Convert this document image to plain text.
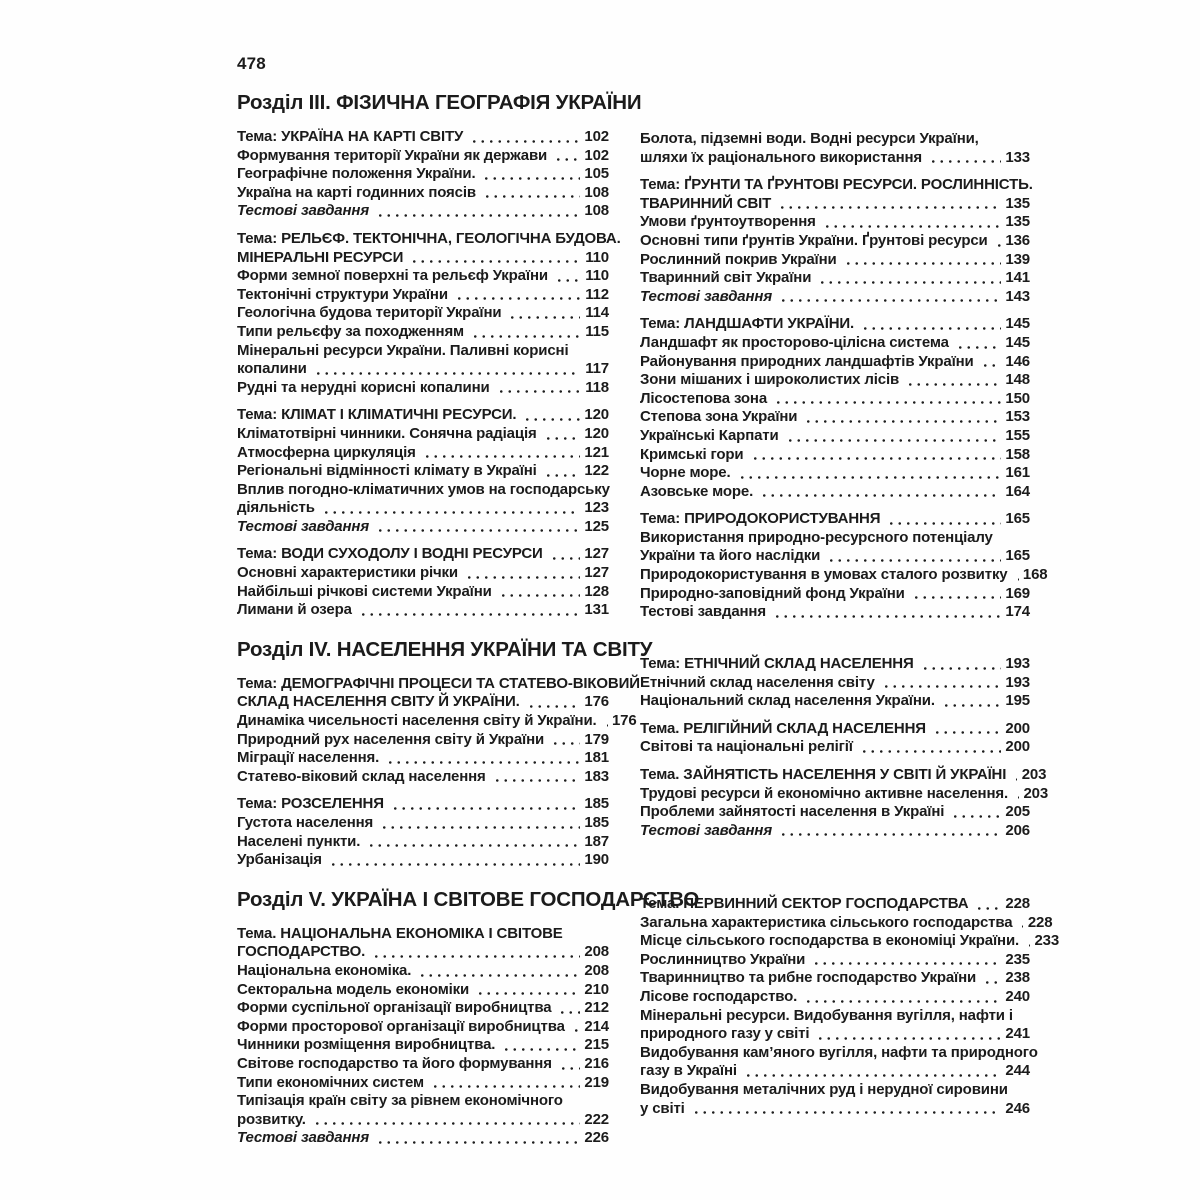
478
Розділ III. ФІЗИЧНА ГЕОГРАФІЯ УКРАЇНИ
Тема: УКРАЇНА НА КАРТІ СВІТУ	102
Формування території України як держави 102
Географічне положення України.	105
Україна на карті годинних поясів	108
Тестові завдання	108
Тема: РЕЛЬЄФ. ТЕКТОНІЧНА, ГЕОЛОГІЧНА БУДОВА.
МІНЕРАЛЬНІ РЕСУРСИ	110
Форми земної поверхні та рельєф України 110
Тектонічні структури України	112
Геологічна будова території України	114
Типи рельєфу за походженням	115
Мінеральні ресурси України. Паливні корисні
копалини	117
Рудні та нерудні корисні копалини	118
Тема: КЛІМАТ І КЛІМАТИЧНІ РЕСУРСИ.	120
Кліматотвірні чинники. Сонячна радіація	120
Атмосферна циркуляція	121
Регіональні відмінності клімату в Україні	122
Вплив погодно-кліматичних умов на господарську
діяльність	123
Тестові завдання	125
Тема: ВОДИ СУХОДОЛУ І ВОДНІ РЕСУРСИ	127
Основні характеристики річки	127
Найбільші річкові системи України	128
Лимани й озера	131
Розділ IV. НАСЕЛЕННЯ УКРАЇНИ ТА СВІТУ
Тема: ДЕМОГРАФІЧНІ ПРОЦЕСИ ТА СТАТЕВО-ВІКОВИЙ
СКЛАД НАСЕЛЕННЯ СВІТУ Й УКРАЇНИ.	176
Динаміка чисельності населення світу й України. 176
Природний рух населення світу й України	179
Міграції населення.	181
Статево-віковий склад населення	183
Тема: РОЗСЕЛЕННЯ	185
Густота населення	185
Населені пункти.	187
Урбанізація	190
Розділ V. УКРАЇНА І СВІТОВЕ ГОСПОДАРСТВО
Тема. НАЦІОНАЛЬНА ЕКОНОМІКА І СВІТОВЕ
ГОСПОДАРСТВО.	208
Національна економіка.	208
Секторальна модель економіки	210
Форми суспільної організації виробництва 212
Форми просторової організації виробництва 214
Чинники розміщення виробництва.	215
Світове господарство та його формування 216
Типи економічних систем	219
Типізація країн світу за рівнем економічного
розвитку.	222
Тестові завдання	226
Болота, підземні води. Водні ресурси України,
шляхи їх раціонального використання	133
Тема: ҐРУНТИ ТА ҐРУНТОВІ РЕСУРСИ. РОСЛИННІСТЬ.
ТВАРИННИЙ СВІТ	135
Умови ґрунтоутворення	135
Основні типи ґрунтів України. Ґрунтові ресурси 136
Рослинний покрив України	139
Тваринний світ України	141
Тестові завдання	143
Тема: ЛАНДШАФТИ УКРАЇНИ.	145
Ландшафт як просторово-цілісна система	145
Районування природних ландшафтів України 146
Зони мішаних і широколистих лісів	148
Лісостепова зона	150
Степова зона України	153
Українські Карпати	155
Кримські гори	158
Чорне море.	161
Азовське море.	164
Тема: ПРИРОДОКОРИСТУВАННЯ	165
Використання природно-ресурсного потенціалу
України та його наслідки	165
Природокористування в умовах сталого розвитку 168
Природно-заповідний фонд України	169
Тестові завдання	174
Тема: ЕТНІЧНИЙ СКЛАД НАСЕЛЕННЯ	193
Етнічний склад населення світу	193
Національний склад населення України.	195
Тема. РЕЛІГІЙНИЙ СКЛАД НАСЕЛЕННЯ	200
Світові та національні релігії	200
Тема. ЗАЙНЯТІСТЬ НАСЕЛЕННЯ У СВІТІ Й УКРАЇНІ 203
Трудові ресурси й економічно активне населення. 203
Проблеми зайнятості населення в Україні	205
Тестові завдання	206
Тема. ПЕРВИННИЙ СЕКТОР ГОСПОДАРСТВА 228
Загальна характеристика сільського господарства 228
Місце сільського господарства в економіці України. 233
Рослинництво України	235
Тваринництво та рибне господарство України 238
Лісове господарство.	240
Мінеральні ресурси. Видобування вугілля, нафти і
природного газу у світі	241
Видобування кам’яного вугілля, нафти та природного
газу в Україні	244
Видобування металічних руд і нерудної сировини
у світі	246
